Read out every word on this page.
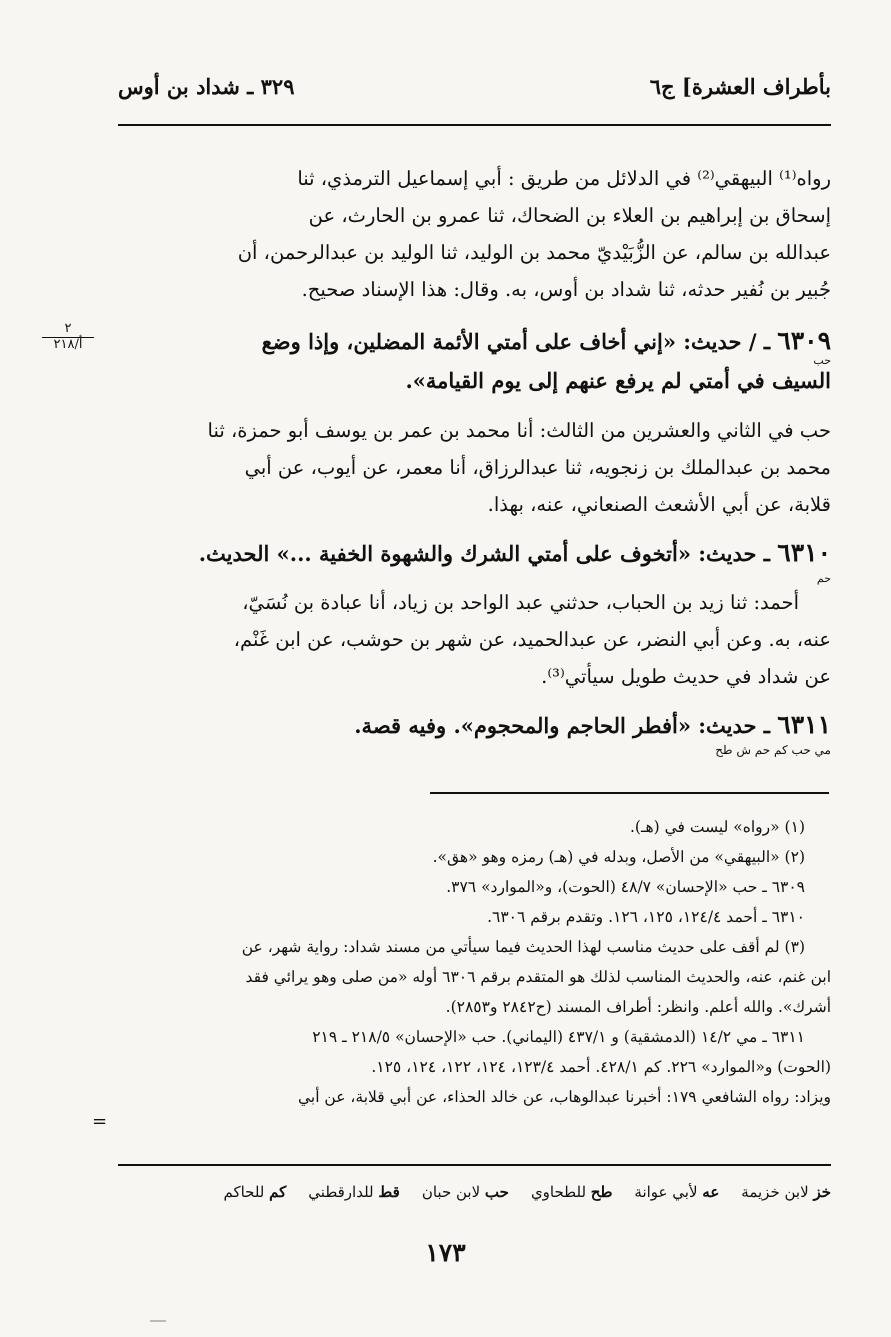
بأطراف العشرة] ج٦
٣٢٩ ـ شداد بن أوس
رواه⁽¹⁾ البيهقي⁽²⁾ في الدلائل من طريق : أبي إسماعيل الترمذي، ثنا
إسحاق بن إبراهيم بن العلاء بن الضحاك، ثنا عمرو بن الحارث، عن
عبدالله بن سالم، عن الزُّبَيْديّ محمد بن الوليد، ثنا الوليد بن عبدالرحمن، أن
جُبير بن نُفير حدثه، ثنا شداد بن أوس، به. وقال: هذا الإسناد صحيح.
٢
أ/٢١٨	٦٣٠٩ ـ / حديث: «إني أخاف على أمتي الأئمة المضلين، وإذا وضع
حب
السيف في أمتي لم يرفع عنهم إلى يوم القيامة».
حب في الثاني والعشرين من الثالث: أنا محمد بن عمر بن يوسف أبو حمزة، ثنا
محمد بن عبدالملك بن زنجويه، ثنا عبدالرزاق، أنا معمر، عن أيوب، عن أبي
قلابة، عن أبي الأشعث الصنعاني، عنه، بهذا.
٦٣١٠ ـ حديث: «أتخوف على أمتي الشرك والشهوة الخفية ...» الحديث.
حم
أحمد: ثنا زيد بن الحباب، حدثني عبد الواحد بن زياد، أنا عبادة بن نُسَيّ،
عنه، به. وعن أبي النضر، عن عبدالحميد، عن شهر بن حوشب، عن ابن غَنْم،
عن شداد في حديث طويل سيأتي⁽³⁾.
٦٣١١ ـ حديث: «أفطر الحاجم والمحجوم». وفيه قصة.
مي حب كم حم ش طح
(١) «رواه» ليست في (هـ).
(٢) «البيهقي» من الأصل، وبدله في (هـ) رمزه وهو «هق».
٦٣٠٩ ـ حب «الإحسان» ٤٨/٧ (الحوت)، و«الموارد» ٣٧٦.
٦٣١٠ ـ أحمد ١٢٤/٤، ١٢٥، ١٢٦. وتقدم برقم ٦٣٠٦.
(٣) لم أقف على حديث مناسب لهذا الحديث فيما سيأتي من مسند شداد: رواية شهر، عن
ابن غنم، عنه، والحديث المناسب لذلك هو المتقدم برقم ٦٣٠٦ أوله «من صلى وهو يرائي فقد
أشرك». والله أعلم. وانظر: أطراف المسند (ح٢٨٤٢ و٢٨٥٣).
٦٣١١ ـ مي ١٤/٢ (الدمشقية) و ٤٣٧/١ (اليماني). حب «الإحسان» ٢١٨/٥ ـ ٢١٩
(الحوت) و«الموارد» ٢٢٦. كم ٤٢٨/١. أحمد ١٢٣/٤، ١٢٤، ١٢٢، ١٢٤، ١٢٥.
ويزاد: رواه الشافعي ١٧٩: أخبرنا عبدالوهاب، عن خالد الحذاء، عن أبي قلابة، عن أبي
=
خز لابن خزيمة
عه لأبي عوانة
طح للطحاوي
حب لابن حبان
قط للدارقطني
كم للحاكم
١٧٣
